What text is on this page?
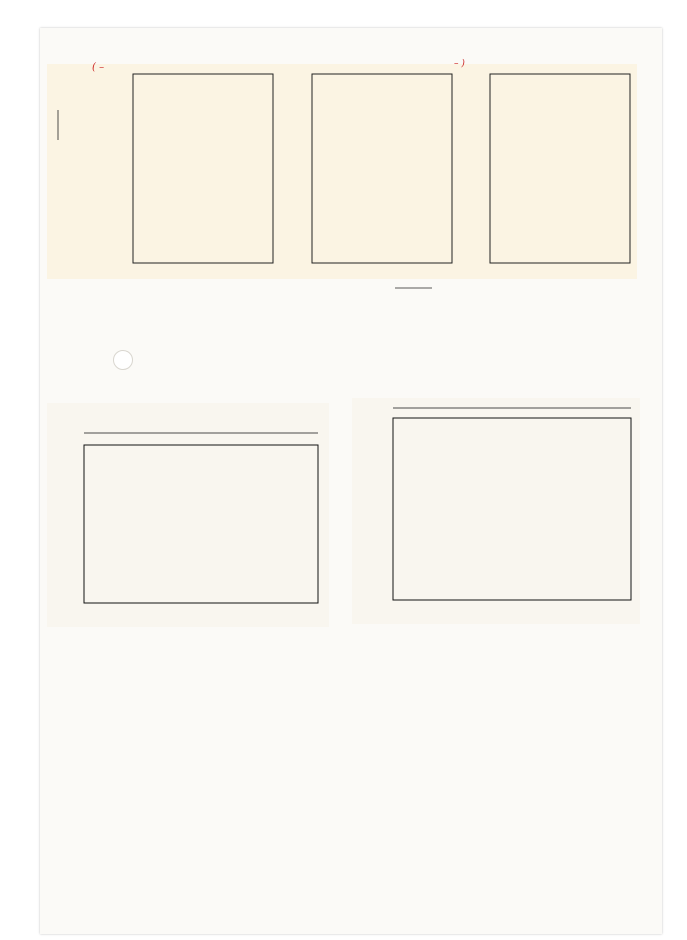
( –	– )
